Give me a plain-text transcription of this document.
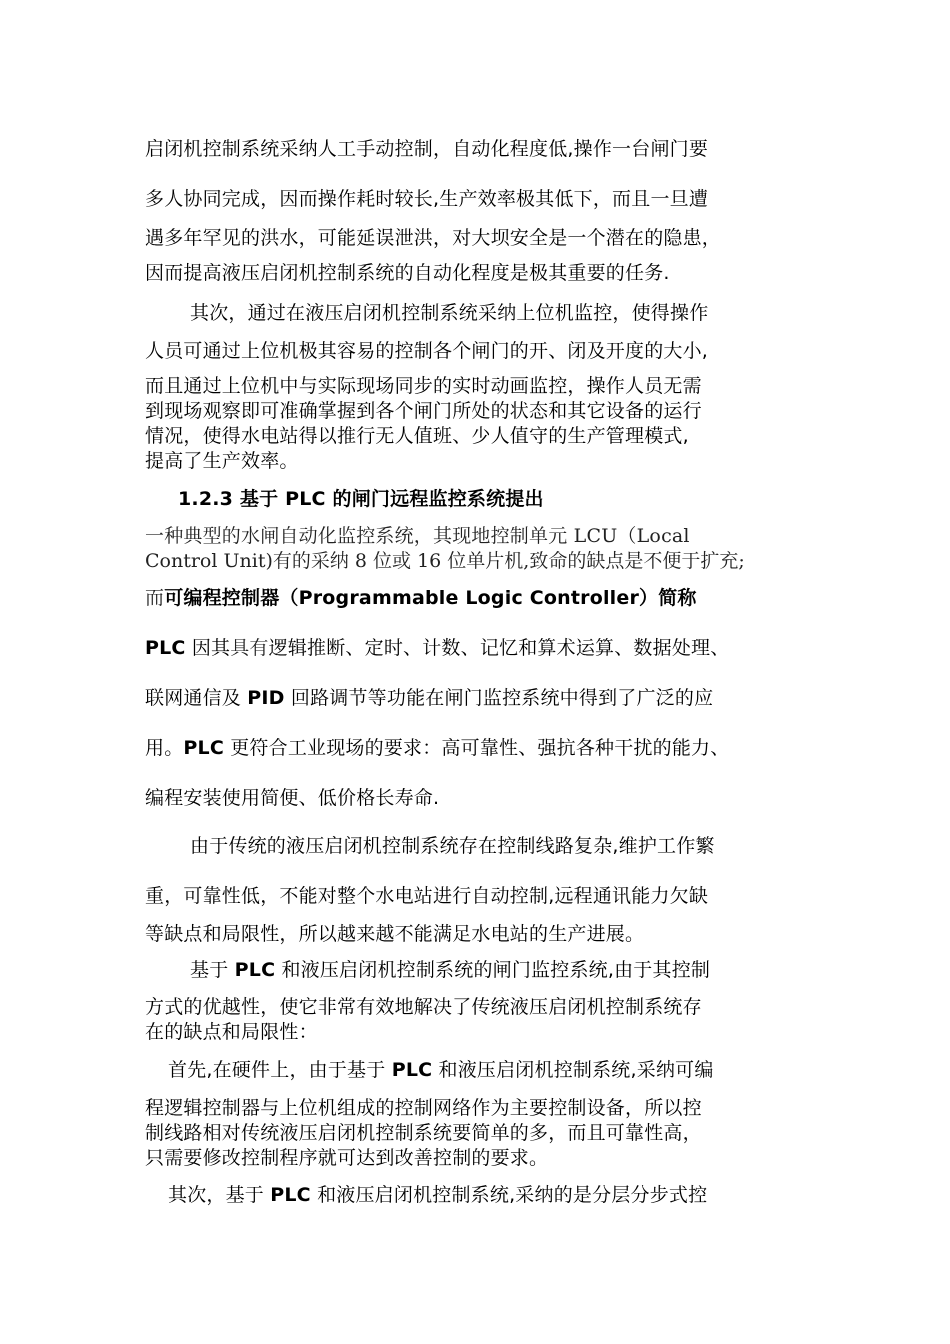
启闭机控制系统采纳人工手动控制，自动化程度低,操作一台闸门要
多人协同完成，因而操作耗时较长,生产效率极其低下，而且一旦遭
遇多年罕见的洪水，可能延误泄洪，对大坝安全是一个潜在的隐患，
因而提高液压启闭机控制系统的自动化程度是极其重要的任务.
其次，通过在液压启闭机控制系统采纳上位机监控，使得操作
人员可通过上位机极其容易的控制各个闸门的开、闭及开度的大小,
而且通过上位机中与实际现场同步的实时动画监控，操作人员无需
到现场观察即可准确掌握到各个闸门所处的状态和其它设备的运行
情况，使得水电站得以推行无人值班、少人值守的生产管理模式,
提高了生产效率。
1.2.3 基于 PLC 的闸门远程监控系统提出
一种典型的水闸自动化监控系统，其现地控制单元 LCU（Local
Control Unit)有的采纳 8 位或 16 位单片机,致命的缺点是不便于扩充;
而可编程控制器（Programmable Logic Controller）简称
PLC 因其具有逻辑推断、定时、计数、记忆和算术运算、数据处理、
联网通信及 PID 回路调节等功能在闸门监控系统中得到了广泛的应
用。PLC 更符合工业现场的要求：高可靠性、强抗各种干扰的能力、
编程安装使用简便、低价格长寿命.
由于传统的液压启闭机控制系统存在控制线路复杂,维护工作繁
重，可靠性低，不能对整个水电站进行自动控制,远程通讯能力欠缺
等缺点和局限性，所以越来越不能满足水电站的生产进展。
基于 PLC 和液压启闭机控制系统的闸门监控系统,由于其控制
方式的优越性，使它非常有效地解决了传统液压启闭机控制系统存
在的缺点和局限性：
首先,在硬件上，由于基于 PLC 和液压启闭机控制系统,采纳可编
程逻辑控制器与上位机组成的控制网络作为主要控制设备，所以控
制线路相对传统液压启闭机控制系统要简单的多，而且可靠性高，
只需要修改控制程序就可达到改善控制的要求。
其次，基于 PLC 和液压启闭机控制系统,采纳的是分层分步式控
